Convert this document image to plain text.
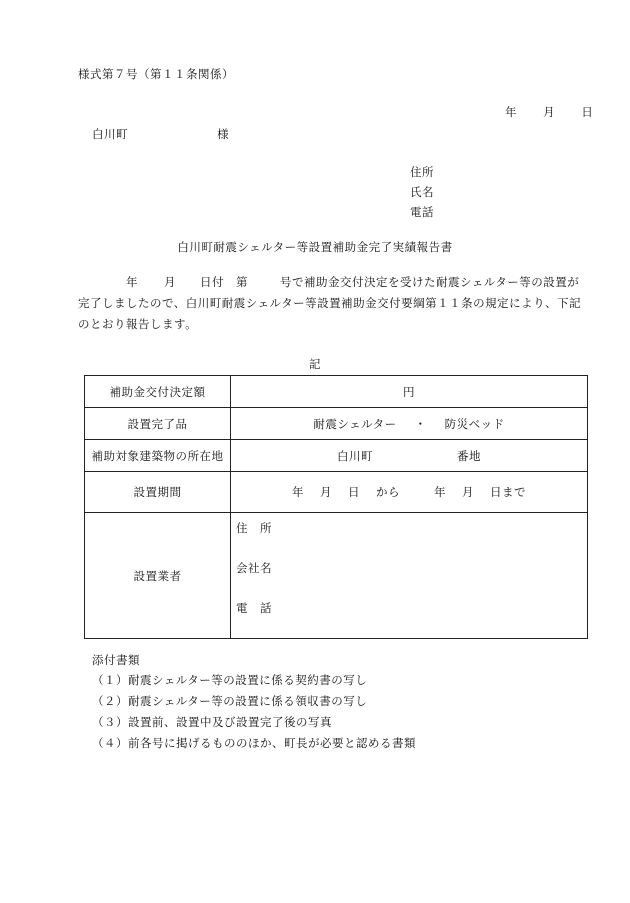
様式第７号（第１１条関係）
年 月 日
白川町	様
住所
氏名
電話
白川町耐震シェルター等設置補助金完了実績報告書

年 月 日付 第	号で補助金交付決定を受けた耐震シェルター等の設置が

完了しましたので、白川町耐震シェルター等設置補助金交付要綱第１１条の規定により、下記

のとおり報告します。

記
補助金交付決定額	円
設置完了品	耐震シェルター ・ 防災ベッド
補助対象建築物の所在地	白川町 番地
設置期間	年 月 日 から 年 月 日まで
設置業者	住　所
会社名
電　話
添付書類
（１）耐震シェルター等の設置に係る契約書の写し
（２）耐震シェルター等の設置に係る領収書の写し
（３）設置前、設置中及び設置完了後の写真
（４）前各号に掲げるもののほか、町長が必要と認める書類
